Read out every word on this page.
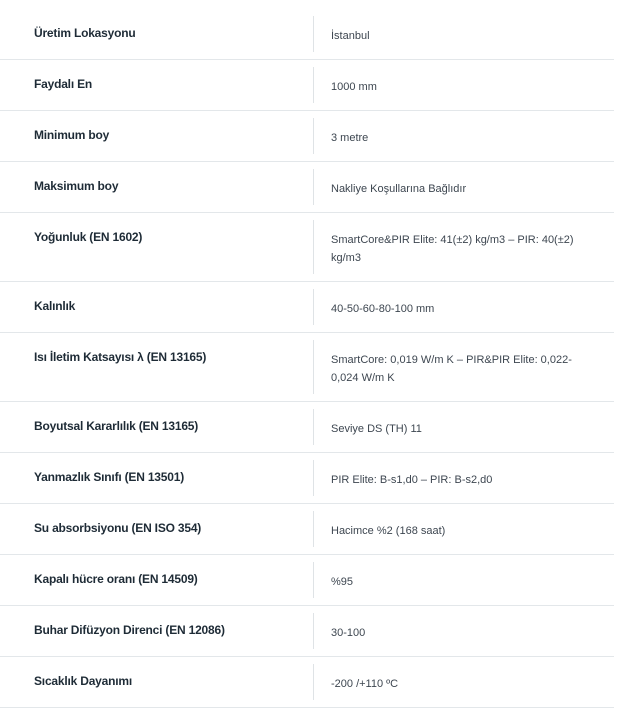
Üretim Lokasyonu	İstanbul
Faydalı En	1000 mm
Minimum boy	3 metre
Maksimum boy	Nakliye Koşullarına Bağlıdır
Yoğunluk (EN 1602)	SmartCore&PIR Elite: 41(±2) kg/m3 – PIR: 40(±2)
kg/m3
Kalınlık	40-50-60-80-100 mm
Isı İletim Katsayısı λ (EN 13165)	SmartCore: 0,019 W/m K – PIR&PIR Elite: 0,022-
0,024 W/m K
Boyutsal Kararlılık (EN 13165)	Seviye DS (TH) 11
Yanmazlık Sınıfı (EN 13501)	PIR Elite: B-s1,d0 – PIR: B-s2,d0
Su absorbsiyonu (EN ISO 354)	Hacimce %2 (168 saat)
Kapalı hücre oranı (EN 14509)	%95
Buhar Difüzyon Direnci (EN 12086)	30-100
Sıcaklık Dayanımı	-200 /+110 ºC
